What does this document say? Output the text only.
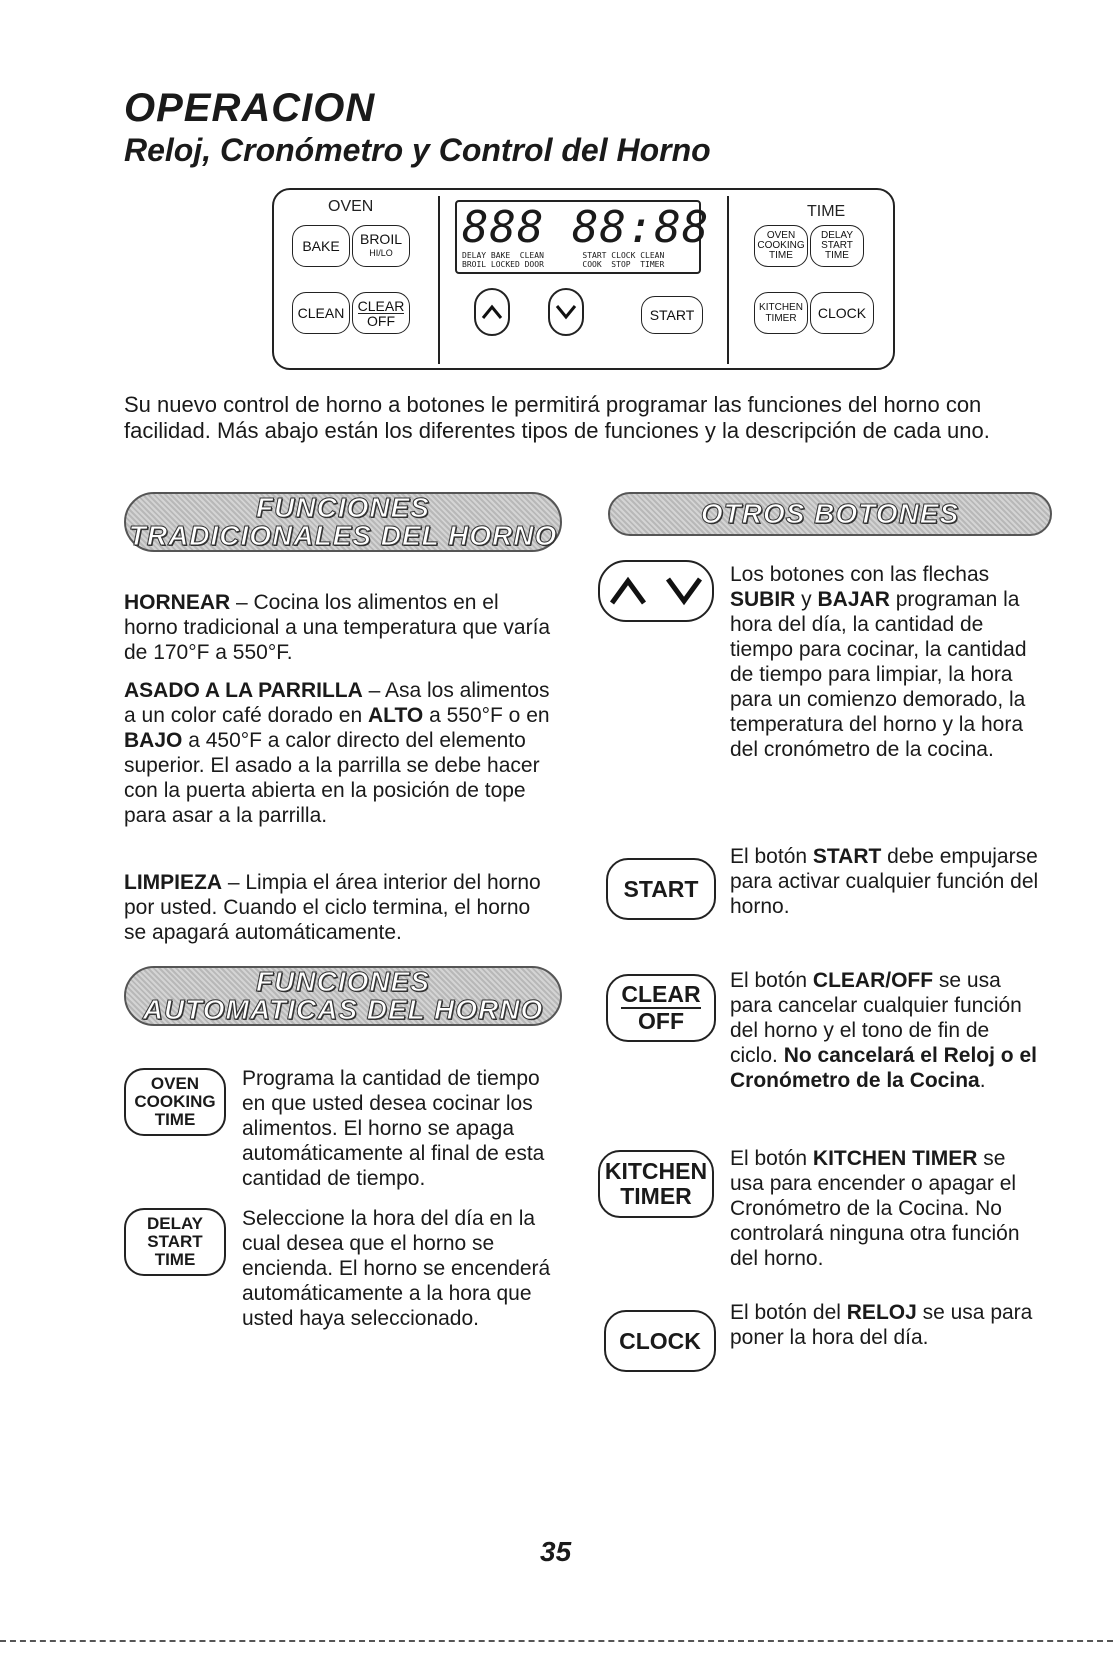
OPERACION
Reloj, Cronómetro y Control del Horno
OVEN
BAKE	BROIL
HI/LO
CLEAN CLEAR
OFF
888 88:88
DELAY BAKE  CLEAN        START CLOCK CLEAN
BROIL LOCKED DOOR        COOK  STOP  TIMER
START
TIME
OVEN
COOKING
TIME
DELAY
START
TIME
KITCHEN
TIMER	CLOCK
Su nuevo control de horno a botones le permitirá programar las funciones del horno con facilidad. Más abajo están los diferentes tipos de funciones y la descripción de cada uno.
FUNCIONES
TRADICIONALES DEL HORNO
OTROS BOTONES
HORNEAR – Cocina los alimentos en el horno tradicional a una temperatura que varía de 170°F a 550°F.
ASADO A LA PARRILLA – Asa los alimentos a un color café dorado en ALTO a 550°F o en BAJO a 450°F a calor directo del elemento superior. El asado a la parrilla se debe hacer con la puerta abierta en la posición de tope para asar a la parrilla.
LIMPIEZA – Limpia el área interior del horno por usted. Cuando el ciclo termina, el horno se apagará automáticamente.
FUNCIONES
AUTOMATICAS DEL HORNO
OVEN
COOKING
TIME
Programa la cantidad de tiempo en que usted desea cocinar los alimentos. El horno se apaga automáticamente al final de esta cantidad de tiempo.
DELAY
START
TIME
Seleccione la hora del día en la cual desea que el horno se encienda. El horno se encenderá automáticamente a la hora que usted haya seleccionado.
Los botones con las flechas SUBIR y BAJAR programan la hora del día, la cantidad de tiempo para cocinar, la cantidad de tiempo para limpiar, la hora para un comienzo demorado, la temperatura del horno y la hora del cronómetro de la cocina.
START
El botón START debe empujarse para activar cualquier función del horno.
CLEAR
OFF
El botón CLEAR/OFF se usa para cancelar cualquier función del horno y el tono de fin de ciclo. No cancelará el Reloj o el Cronómetro de la Cocina.
KITCHEN
TIMER
El botón KITCHEN TIMER se usa para encender o apagar el Cronómetro de la Cocina. No controlará ninguna otra función del horno.
CLOCK
El botón del RELOJ se usa para poner la hora del día.
35
